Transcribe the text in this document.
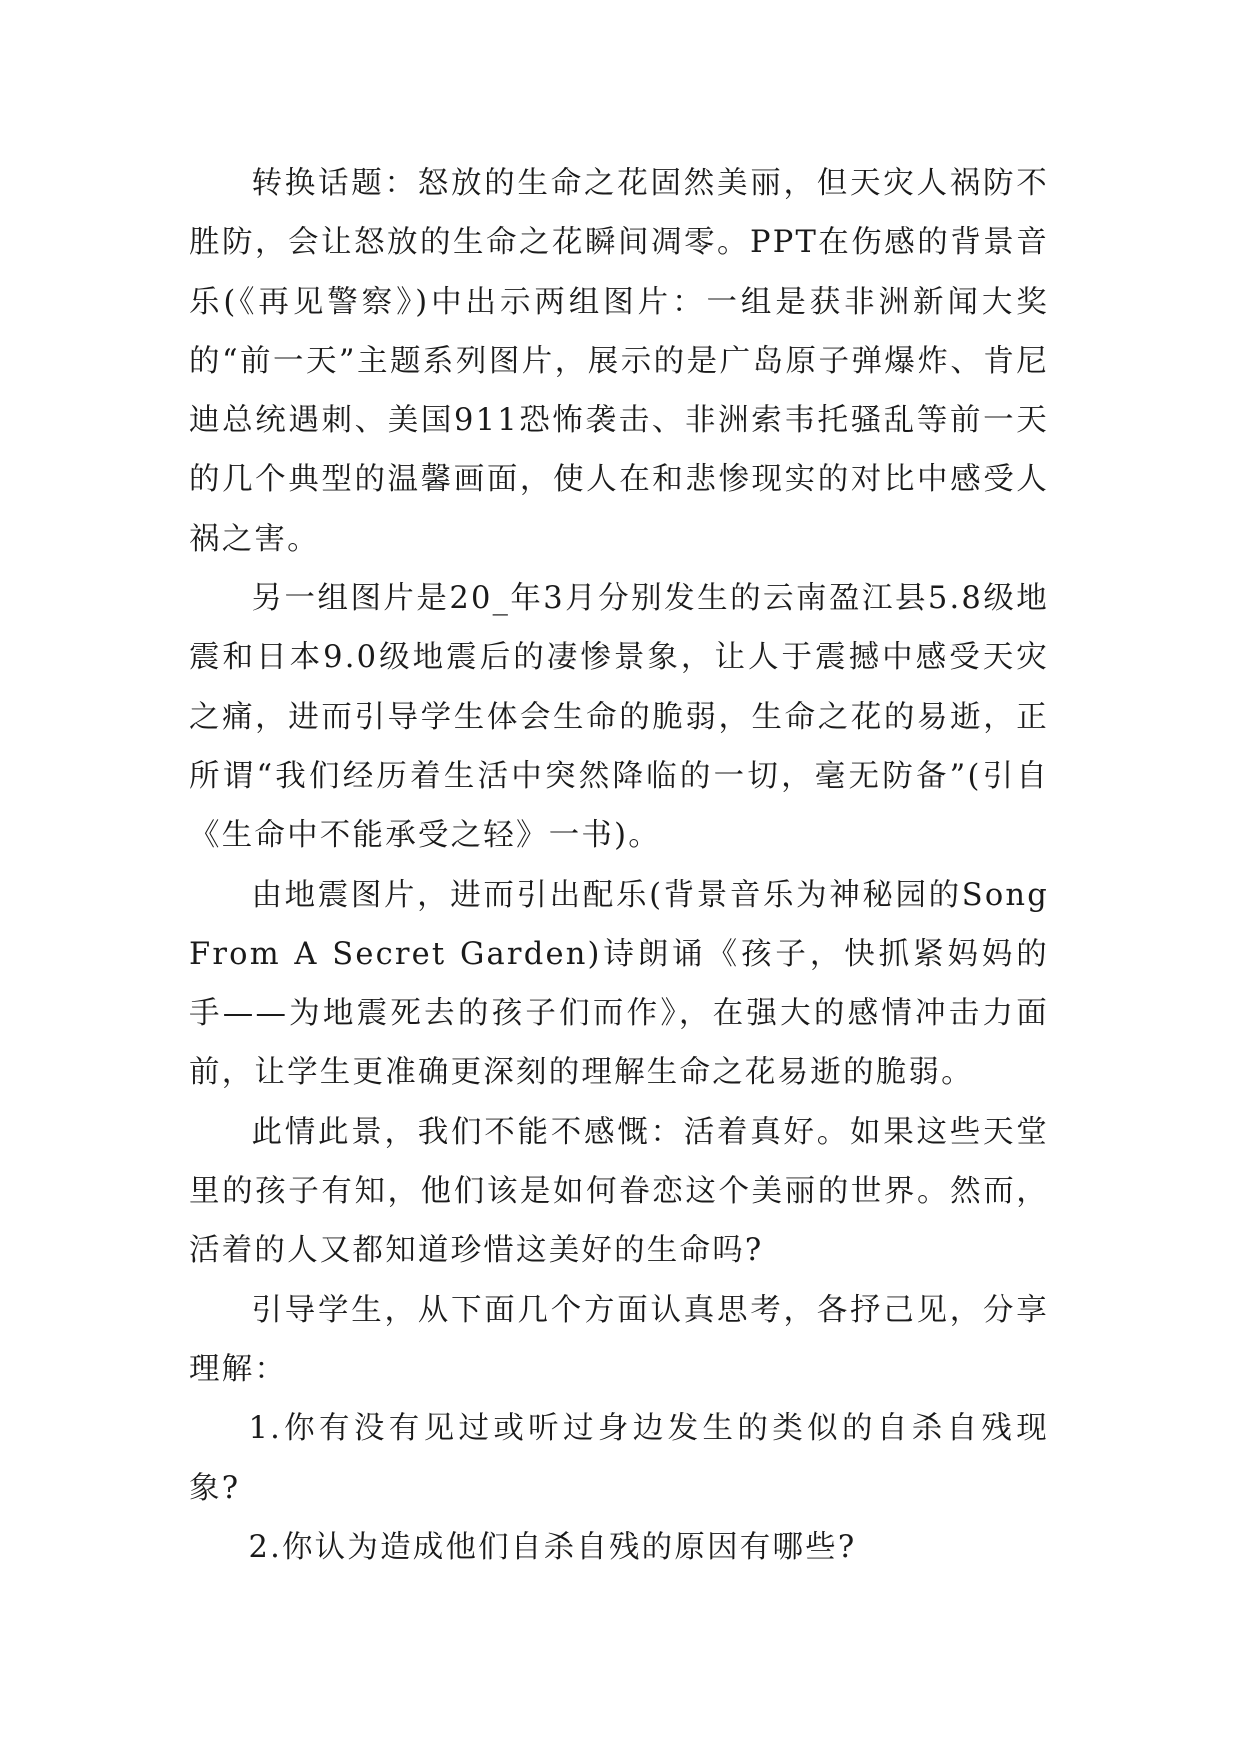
转换话题：怒放的生命之花固然美丽，但天灾人祸防不胜防，会让怒放的生命之花瞬间凋零。PPT在伤感的背景音乐(《再见警察》)中出示两组图片：一组是获非洲新闻大奖的“前一天”主题系列图片，展示的是广岛原子弹爆炸、肯尼迪总统遇刺、美国911恐怖袭击、非洲索韦托骚乱等前一天的几个典型的温馨画面，使人在和悲惨现实的对比中感受人祸之害。

另一组图片是20_年3月分别发生的云南盈江县5.8级地震和日本9.0级地震后的凄惨景象，让人于震撼中感受天灾之痛，进而引导学生体会生命的脆弱，生命之花的易逝，正所谓“我们经历着生活中突然降临的一切，毫无防备”(引自《生命中不能承受之轻》一书)。

由地震图片，进而引出配乐(背景音乐为神秘园的Song From A Secret Garden)诗朗诵《孩子，快抓紧妈妈的手——为地震死去的孩子们而作》，在强大的感情冲击力面前，让学生更准确更深刻的理解生命之花易逝的脆弱。

此情此景，我们不能不感慨：活着真好。如果这些天堂里的孩子有知，他们该是如何眷恋这个美丽的世界。然而，活着的人又都知道珍惜这美好的生命吗?

引导学生，从下面几个方面认真思考，各抒己见，分享理解：

1.你有没有见过或听过身边发生的类似的自杀自残现象?

2.你认为造成他们自杀自残的原因有哪些?
